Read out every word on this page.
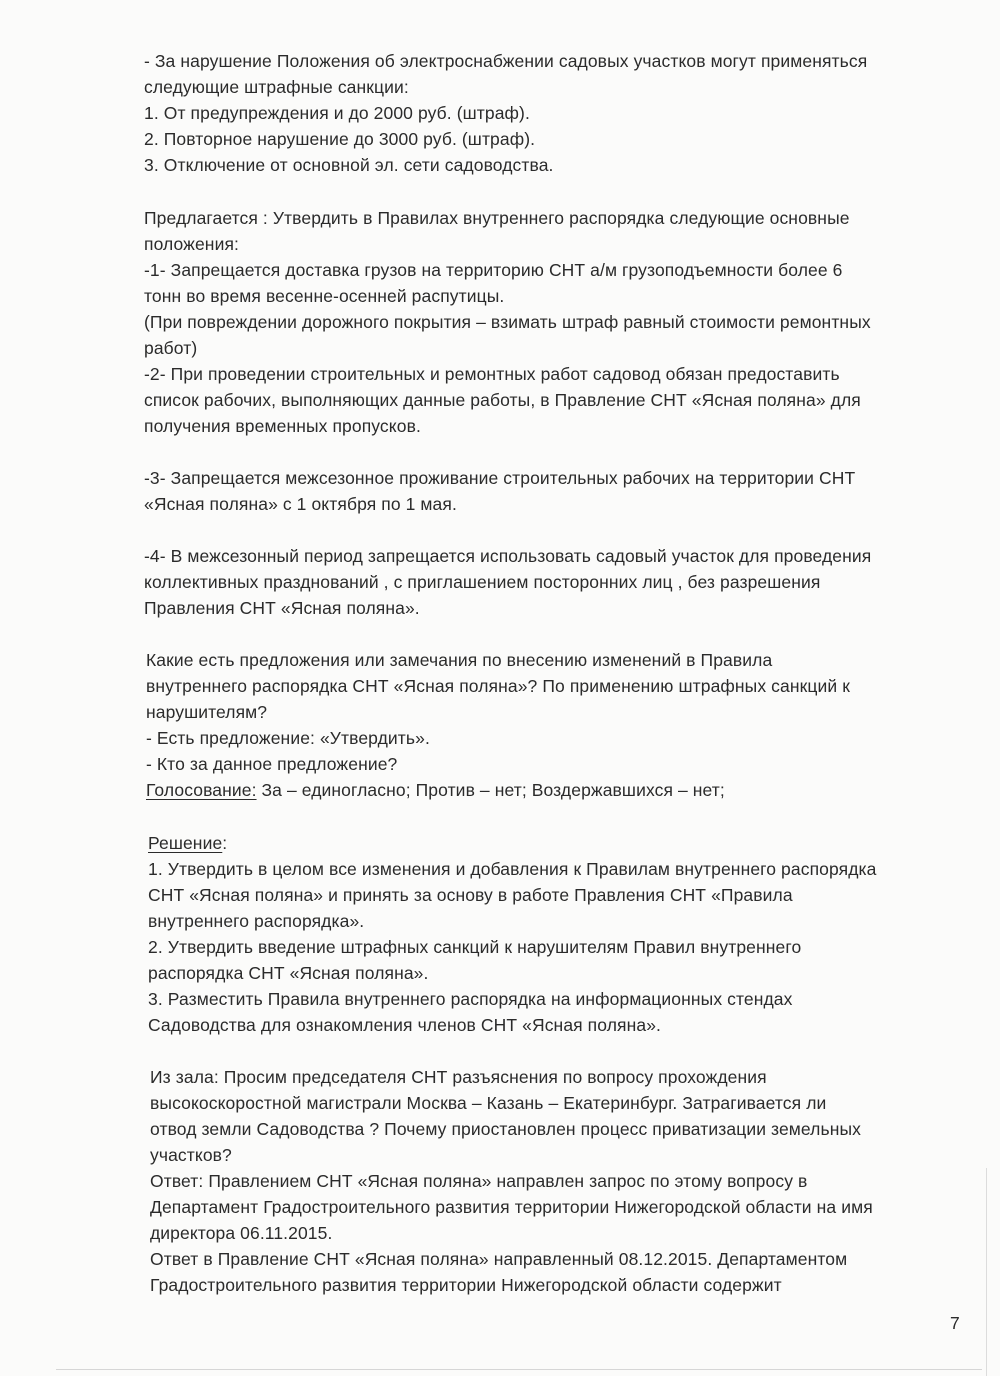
- За нарушение Положения об электроснабжении садовых участков могут применяться
следующие штрафные санкции:
1. От предупреждения и до 2000 руб. (штраф).
2. Повторное нарушение до 3000 руб. (штраф).
3. Отключение от основной эл. сети садоводства.
Предлагается : Утвердить в Правилах внутреннего распорядка следующие основные
положения:
-1- Запрещается доставка грузов на территорию СНТ а/м грузоподъемности более 6
тонн во время весенне-осенней распутицы.
(При повреждении дорожного покрытия – взимать штраф равный стоимости ремонтных
работ)
-2- При проведении строительных и ремонтных работ садовод обязан предоставить
список рабочих, выполняющих данные работы, в Правление СНТ «Ясная поляна» для
получения временных пропусков.
-3- Запрещается межсезонное проживание строительных рабочих на территории СНТ
«Ясная поляна» с 1 октября по 1 мая.
-4- В межсезонный период запрещается использовать садовый участок для проведения
коллективных празднований , с приглашением посторонних лиц , без разрешения
Правления СНТ «Ясная поляна».
Какие есть предложения или замечания по внесению изменений в Правила
внутреннего распорядка СНТ «Ясная поляна»? По применению штрафных санкций к
нарушителям?
- Есть предложение: «Утвердить».
- Кто за данное предложение?
Голосование: За – единогласно; Против – нет; Воздержавшихся – нет;
Решение:
1. Утвердить в целом все изменения и добавления к Правилам внутреннего распорядка
СНТ «Ясная поляна» и принять за основу в работе Правления СНТ «Правила
внутреннего распорядка».
2. Утвердить введение штрафных санкций к нарушителям Правил внутреннего
распорядка СНТ «Ясная поляна».
3. Разместить Правила внутреннего распорядка на информационных стендах
Садоводства для ознакомления членов СНТ «Ясная поляна».
Из зала: Просим председателя СНТ разъяснения по вопросу прохождения
высокоскоростной магистрали Москва – Казань – Екатеринбург. Затрагивается ли
отвод земли Садоводства ? Почему приостановлен процесс приватизации земельных
участков?
Ответ: Правлением СНТ «Ясная поляна» направлен запрос по этому вопросу в
Департамент Градостроительного развития территории Нижегородской области на имя
директора 06.11.2015.
Ответ в Правление СНТ «Ясная поляна» направленный 08.12.2015. Департаментом
Градостроительного развития территории Нижегородской области содержит
7
